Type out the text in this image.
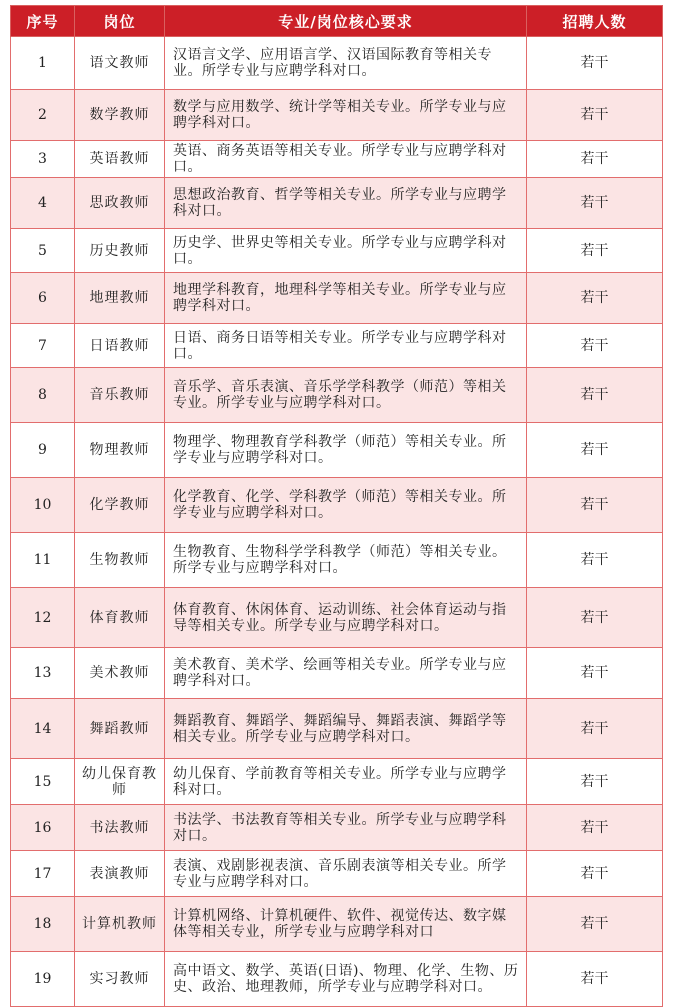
序号	岗位	专业/岗位核心要求	招聘人数
1	语文教师	汉语言文学、应用语言学、汉语国际教育等相关专业。所学专业与应聘学科对口。	若干
2	数学教师	数学与应用数学、统计学等相关专业。所学专业与应聘学科对口。	若干
3	英语教师	英语、商务英语等相关专业。所学专业与应聘学科对口。	若干
4	思政教师	思想政治教育、哲学等相关专业。所学专业与应聘学科对口。	若干
5	历史教师	历史学、世界史等相关专业。所学专业与应聘学科对口。	若干
6	地理教师	地理学科教育，地理科学等相关专业。所学专业与应聘学科对口。	若干
7	日语教师	日语、商务日语等相关专业。所学专业与应聘学科对口。	若干
8	音乐教师	音乐学、音乐表演、音乐学学科教学（师范）等相关专业。所学专业与应聘学科对口。	若干
9	物理教师	物理学、物理教育学科教学（师范）等相关专业。所学专业与应聘学科对口。	若干
10	化学教师	化学教育、化学、学科教学（师范）等相关专业。所学专业与应聘学科对口。	若干
11	生物教师	生物教育、生物科学学科教学（师范）等相关专业。所学专业与应聘学科对口。	若干
12	体育教师	体育教育、休闲体育、运动训练、社会体育运动与指导等相关专业。所学专业与应聘学科对口。	若干
13	美术教师	美术教育、美术学、绘画等相关专业。所学专业与应聘学科对口。	若干
14	舞蹈教师	舞蹈教育、舞蹈学、舞蹈编导、舞蹈表演、舞蹈学等相关专业。所学专业与应聘学科对口。	若干
15	幼儿保育教师	幼儿保育、学前教育等相关专业。所学专业与应聘学科对口。	若干
16	书法教师	书法学、书法教育等相关专业。所学专业与应聘学科对口。	若干
17	表演教师	表演、戏剧影视表演、音乐剧表演等相关专业。所学专业与应聘学科对口。	若干
18	计算机教师	计算机网络、计算机硬件、软件、视觉传达、数字媒体等相关专业，所学专业与应聘学科对口	若干
19	实习教师	高中语文、数学、英语(日语)、物理、化学、生物、历史、政治、地理教师，所学专业与应聘学科对口。	若干
